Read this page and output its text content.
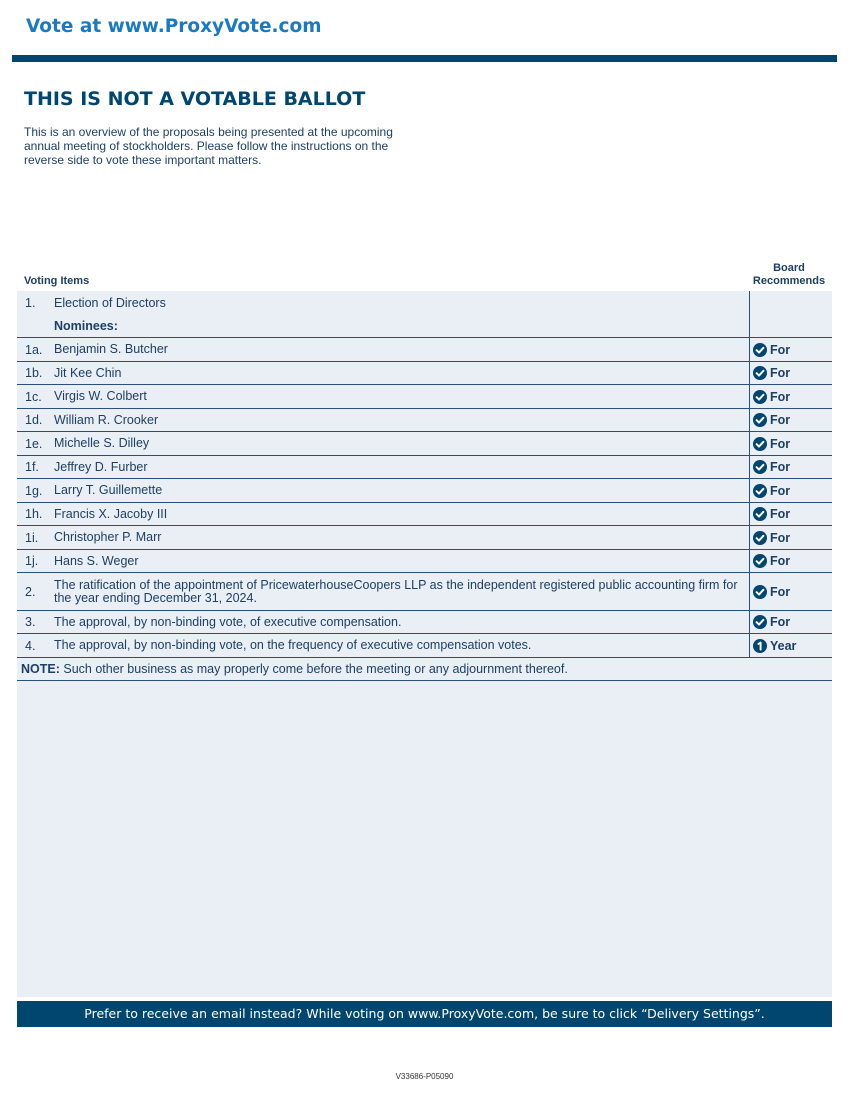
Vote at www.ProxyVote.com
THIS IS NOT A VOTABLE BALLOT
This is an overview of the proposals being presented at the upcoming annual meeting of stockholders. Please follow the instructions on the reverse side to vote these important matters.
Voting Items
Board
Recommends
1.	Election of Directors
Nominees:
1a. Benjamin S. Butcher	For
1b. Jit Kee Chin	For
1c. Virgis W. Colbert	For
1d. William R. Crooker	For
1e. Michelle S. Dilley	For
1f.	Jeffrey D. Furber	For
1g. Larry T. Guillemette	For
1h. Francis X. Jacoby III	For
1i.	Christopher P. Marr	For
1j.	Hans S. Weger	For
2.	The ratification of the appointment of PricewaterhouseCoopers LLP as the independent registered public accounting firm for the year ending December 31, 2024.	For
3.	The approval, by non-binding vote, of executive compensation.	For
4.	The approval, by non-binding vote, on the frequency of executive compensation votes.	Year
NOTE: Such other business as may properly come before the meeting or any adjournment thereof.
Prefer to receive an email instead? While voting on www.ProxyVote.com, be sure to click “Delivery Settings”.
V33686-P05090
